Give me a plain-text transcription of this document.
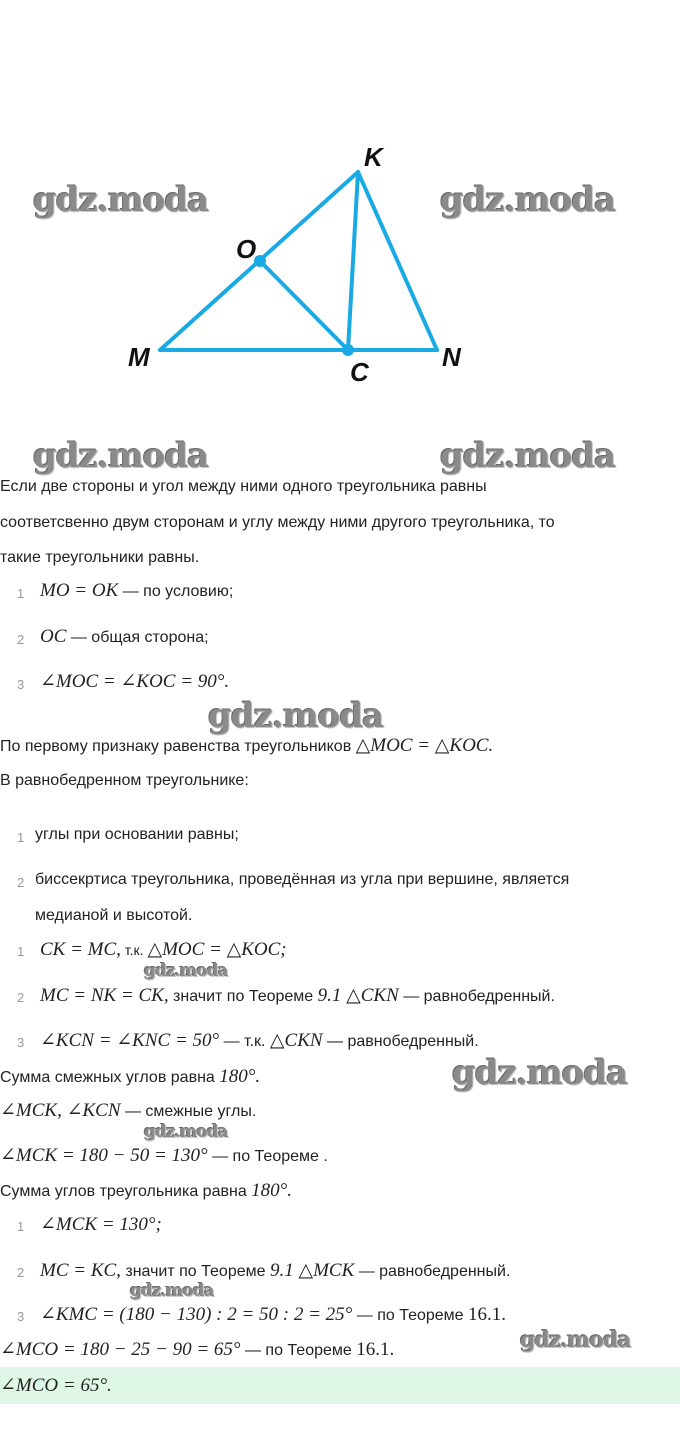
K
O
M	C	N
gdz.moda	gdz.moda
gdz.moda	gdz.moda
gdz.moda
gdz.moda
gdz.moda
gdz.moda
gdz.moda
gdz.moda
Если две стороны и угол между ними одного треугольника равны
соответсвенно двум сторонам и углу между ними другого треугольника, то
такие треугольники равны.
1 MO = OK — по условию;
2 OC — общая сторона;
3 ∠MOC = ∠KOC = 90°.
По первому признаку равенства треугольников △MOC = △KOC.
В равнобедренном треугольнике:
1 углы при основании равны;
2 биссекртиса треугольника, проведённая из угла при вершине, является
медианой и высотой.
1 CK = MC, т.к. △MOC = △KOC;
2 MC = NK = CK, значит по Теореме 9.1 △CKN — равнобедренный.
3 ∠KCN = ∠KNC = 50° — т.к. △CKN — равнобедренный.
Сумма смежных углов равна 180°.
∠MCK, ∠KCN — смежные углы.
∠MCK = 180 − 50 = 130° — по Теореме .
Сумма углов треугольника равна 180°.
1 ∠MCK = 130°;
2 MC = KC, значит по Теореме 9.1 △MCK — равнобедренный.
3 ∠KMC = (180 − 130) : 2 = 50 : 2 = 25° — по Теореме 16.1.
∠MCO = 180 − 25 − 90 = 65° — по Теореме 16.1.
∠MCO = 65°.
